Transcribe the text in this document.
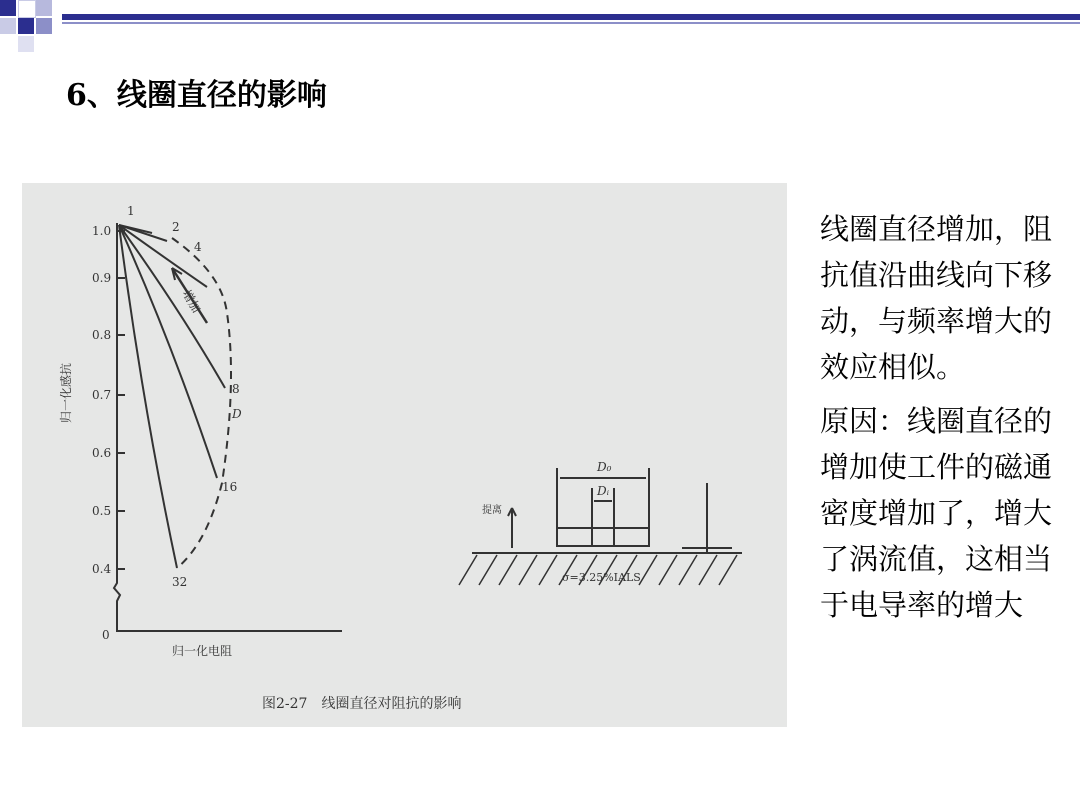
6、线圈直径的影响
1.0
0.9
0.8
0.7
0.6
0.5
0.4
0
1
2
4
8
16
32
D
增加
归一化电阻
归一化感抗
D₀
Dᵢ
σ=3.25%IALS
提离
图2-27　线圈直径对阻抗的影响

线圈直径增加，阻抗值沿曲线向下移动，与频率增大的效应相似。

原因：线圈直径的增加使工件的磁通密度增加了，增大了涡流值，这相当于电导率的增大
